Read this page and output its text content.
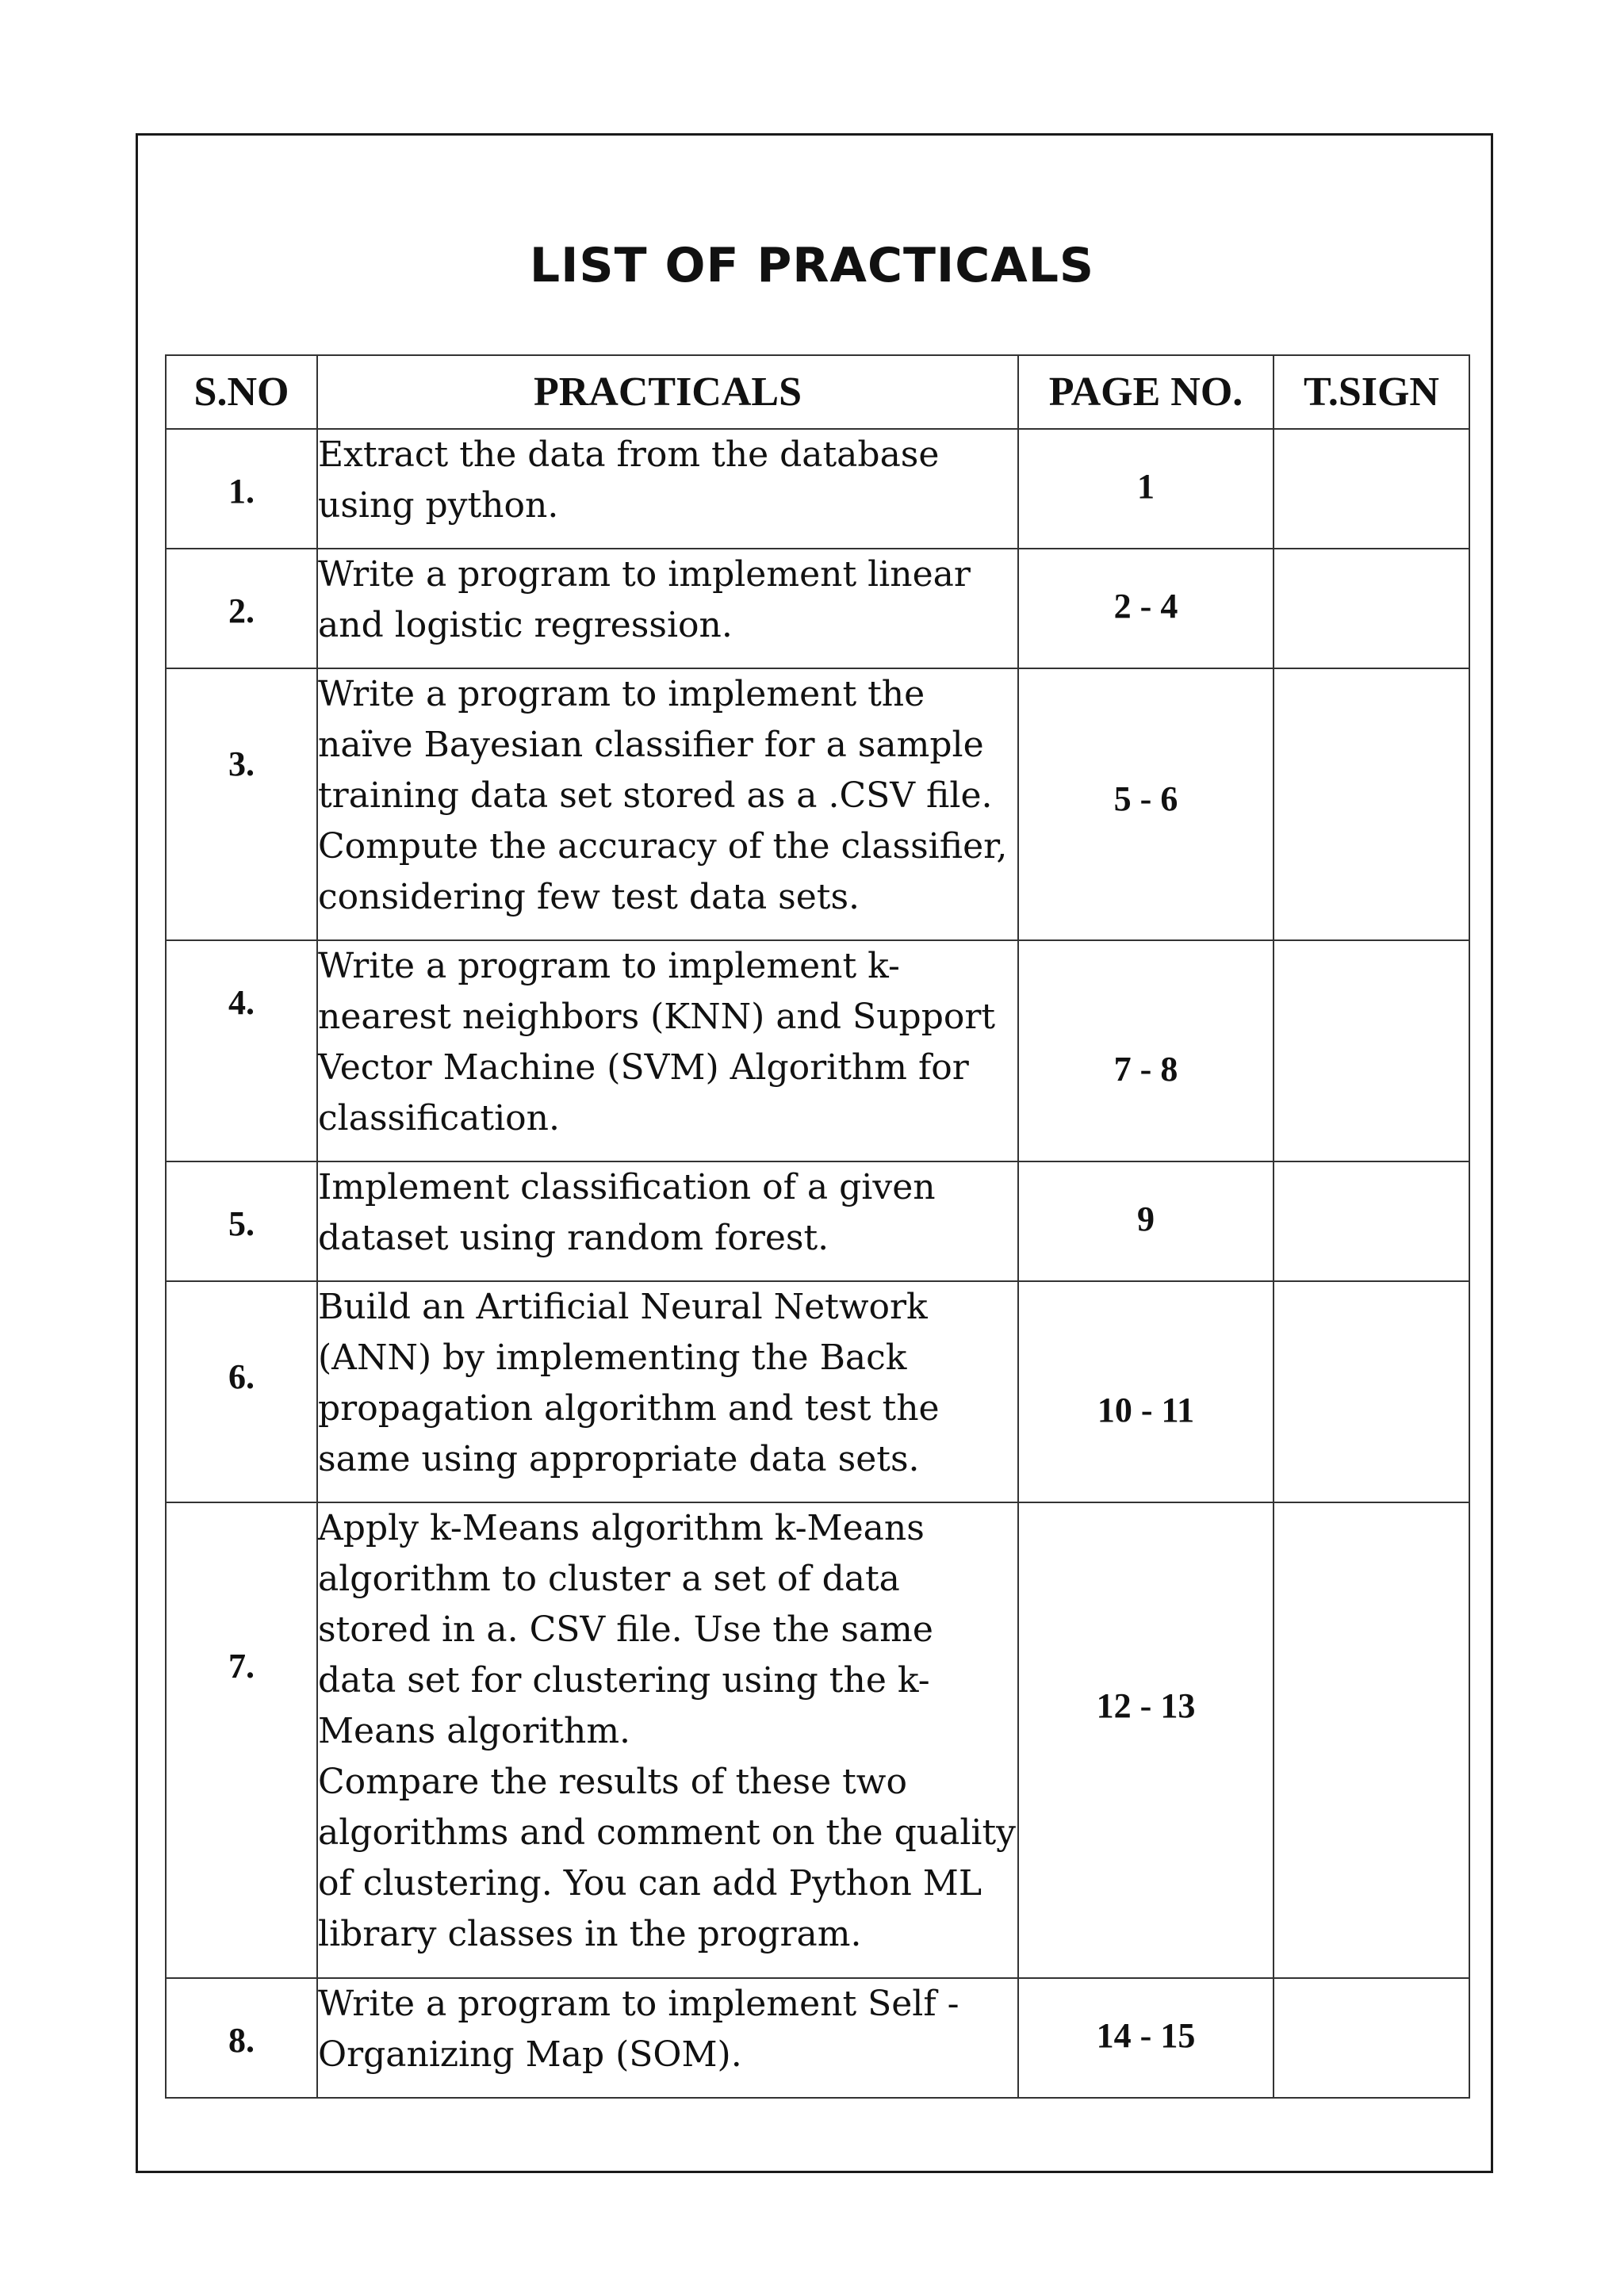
LIST OF PRACTICALS
S.NO	PRACTICALS	PAGE NO.	T.SIGN

1.	Extract the data from the database using python.	1	

2.	Write a program to implement linear and logistic regression.	2 - 4	

3.	Write a program to implement the naïve Bayesian classifier for a sample training data set stored as a .CSV file. Compute the accuracy of the classifier, considering few test data sets.	5 - 6	

4.	Write a program to implement k-nearest neighbors (KNN) and Support Vector Machine (SVM) Algorithm for classification.	7 - 8	

5.	Implement classification of a given dataset using random forest.	9	

6.	Build an Artificial Neural Network (ANN) by implementing the Back propagation algorithm and test the same using appropriate data sets.	10 - 11	

7.	Apply k-Means algorithm k-Means algorithm to cluster a set of data stored in a. CSV file. Use the same data set for clustering using the k-Means algorithm.
Compare the results of these two algorithms and comment on the quality of clustering. You can add Python ML library classes in the program.	12 - 13	

8.	Write a program to implement Self - Organizing Map (SOM).	14 - 15	
